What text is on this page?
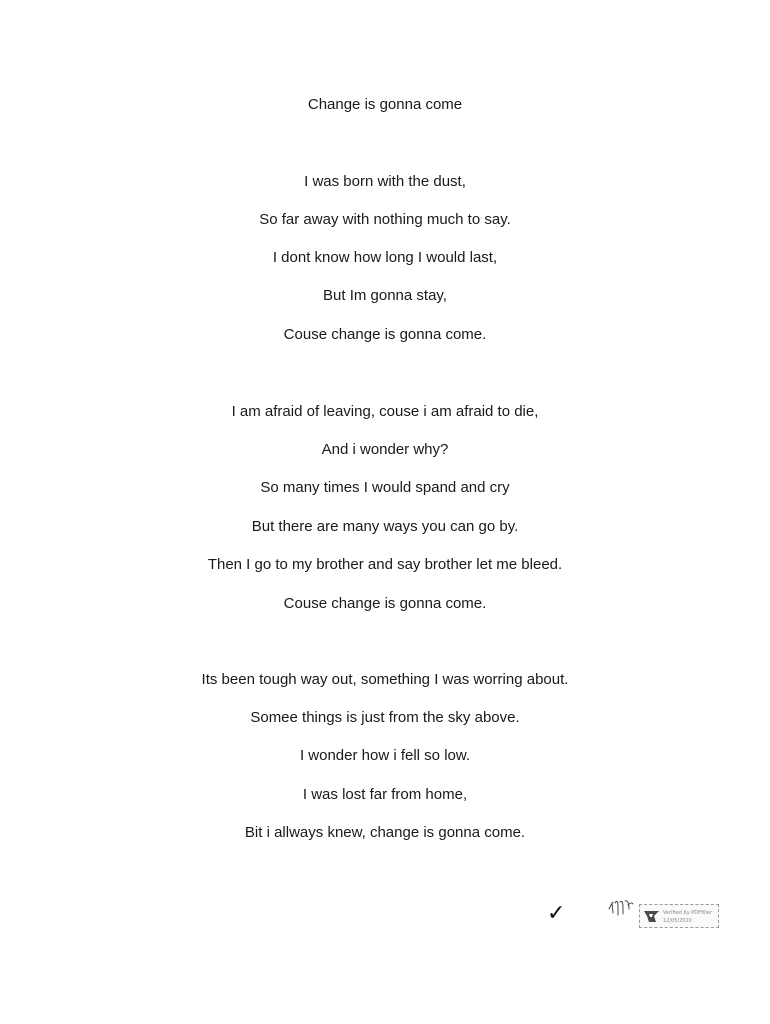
Change is gonna come
I was born with the dust,
So far away with nothing much to say.
I dont know how long I would last,
But Im gonna stay,
Couse change is gonna come.
I am afraid of leaving, couse i am afraid to die,
And i wonder why?
So many times I would spand and cry
But there are many ways you can go by.
Then I go to my brother and say brother let me bleed.
Couse change is gonna come.
Its been tough way out, something I was worring about.
Somee things is just from the sky above.
I wonder how i fell so low.
I was lost far from home,
Bit i allways knew, change is gonna come.
✓	Verified by PDFfiller
12/05/2020
